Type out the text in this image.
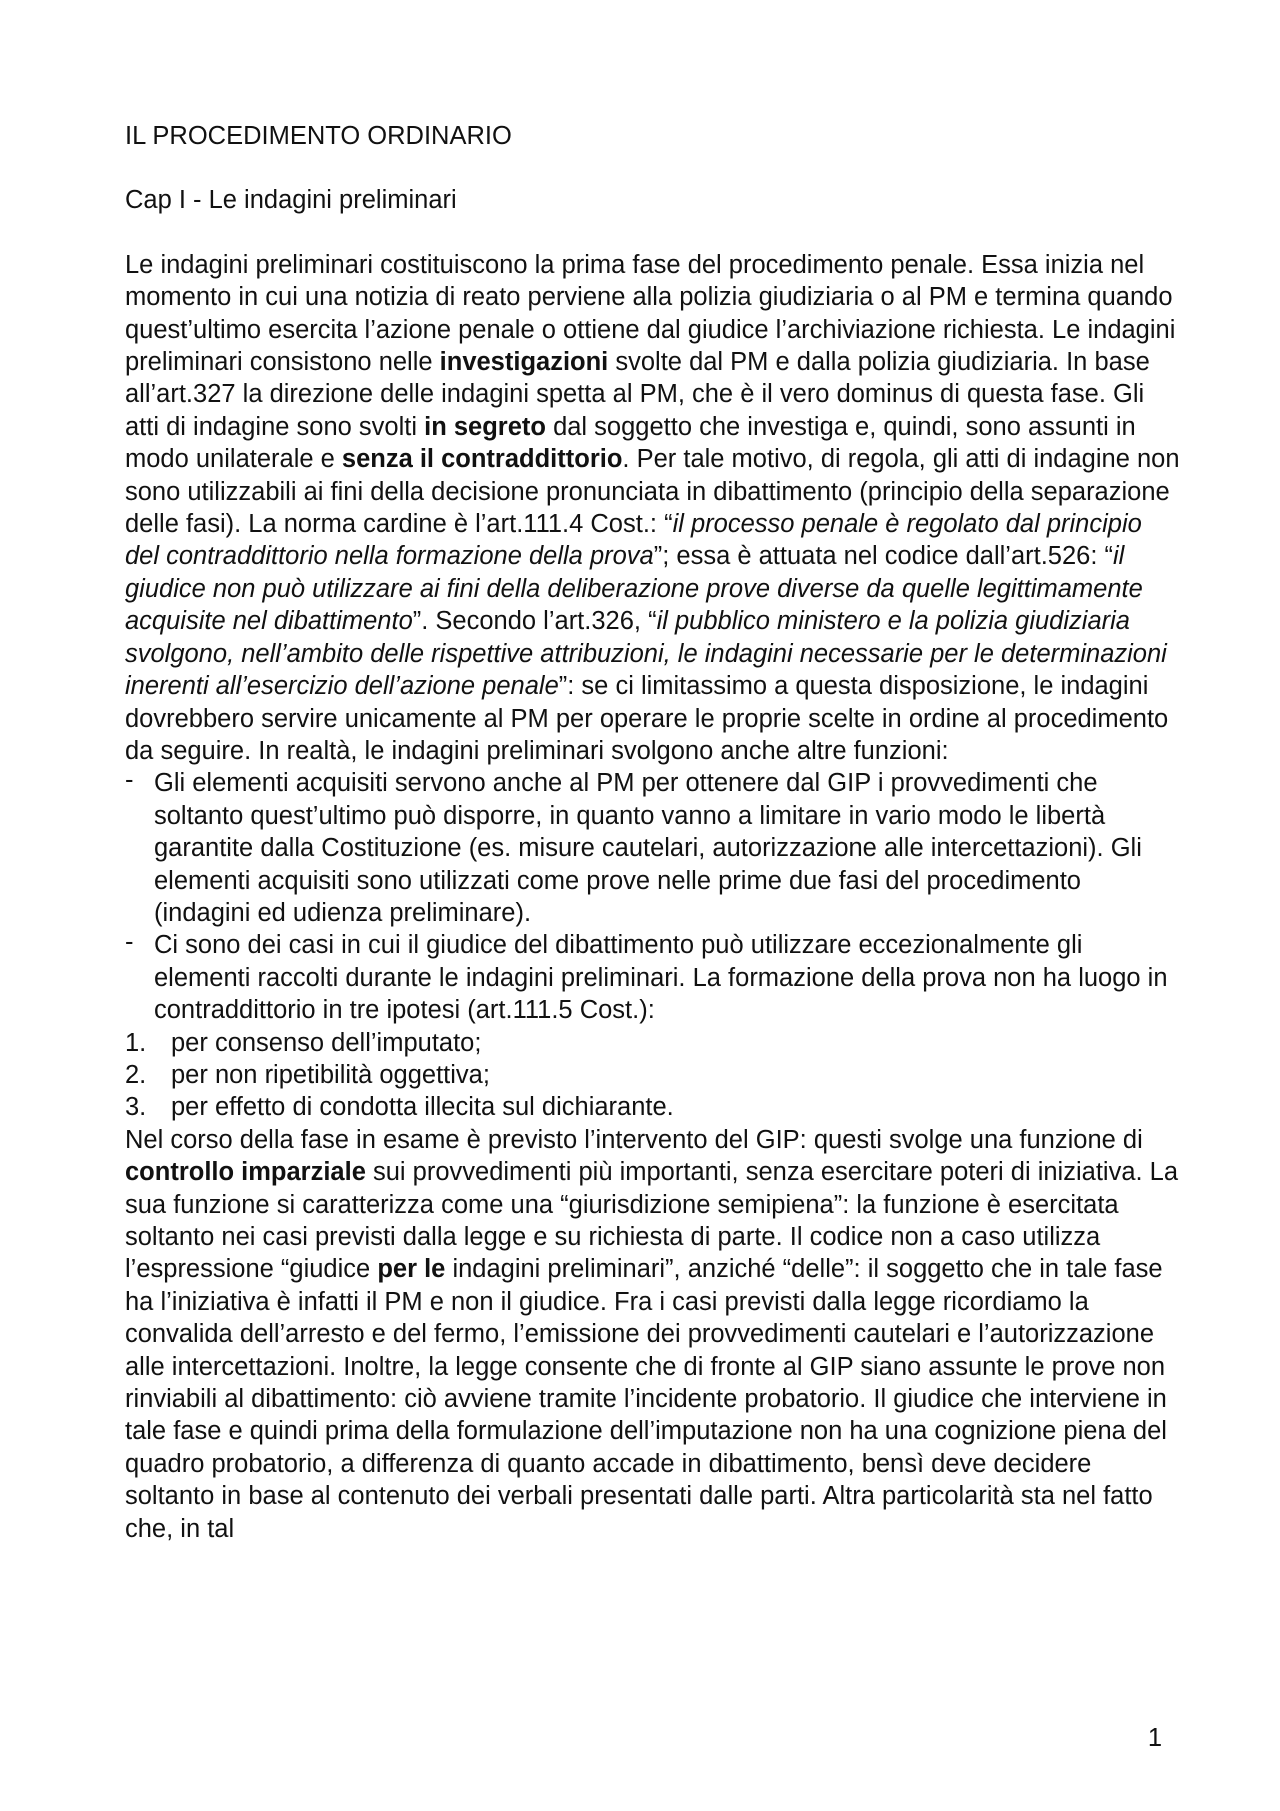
IL PROCEDIMENTO ORDINARIO
Cap I - Le indagini preliminari

Le indagini preliminari costituiscono la prima fase del procedimento penale. Essa inizia nel momento in cui una notizia di reato perviene alla polizia giudiziaria o al PM e termina quando quest’ultimo esercita l’azione penale o ottiene dal giudice l’archiviazione richiesta. Le indagini preliminari consistono nelle investigazioni svolte dal PM e dalla polizia giudiziaria. In base all’art.327 la direzione delle indagini spetta al PM, che è il vero dominus di questa fase. Gli atti di indagine sono svolti in segreto dal soggetto che investiga e, quindi, sono assunti in modo unilaterale e senza il contraddittorio. Per tale motivo, di regola, gli atti di indagine non sono utilizzabili ai fini della decisione pronunciata in dibattimento (principio della separazione delle fasi). La norma cardine è l’art.111.4 Cost.: “il processo penale è regolato dal principio del contraddittorio nella formazione della prova”; essa è attuata nel codice dall’art.526: “il giudice non può utilizzare ai fini della deliberazione prove diverse da quelle legittimamente acquisite nel dibattimento”. Secondo l’art.326, “il pubblico ministero e la polizia giudiziaria svolgono, nell’ambito delle rispettive attribuzioni, le indagini necessarie per le determinazioni inerenti all’esercizio dell’azione penale”: se ci limitassimo a questa disposizione, le indagini dovrebbero servire unicamente al PM per operare le proprie scelte in ordine al procedimento da seguire. In realtà, le indagini preliminari svolgono anche altre funzioni:

- Gli elementi acquisiti servono anche al PM per ottenere dal GIP i provvedimenti che soltanto quest’ultimo può disporre, in quanto vanno a limitare in vario modo le libertà garantite dalla Costituzione (es. misure cautelari, autorizzazione alle intercettazioni). Gli elementi acquisiti sono utilizzati come prove nelle prime due fasi del procedimento (indagini ed udienza preliminare).
- Ci sono dei casi in cui il giudice del dibattimento può utilizzare eccezionalmente gli elementi raccolti durante le indagini preliminari. La formazione della prova non ha luogo in contraddittorio in tre ipotesi (art.111.5 Cost.):
1. per consenso dell’imputato;
2. per non ripetibilità oggettiva;
3. per effetto di condotta illecita sul dichiarante.

Nel corso della fase in esame è previsto l’intervento del GIP: questi svolge una funzione di controllo imparziale sui provvedimenti più importanti, senza esercitare poteri di iniziativa. La sua funzione si caratterizza come una “giurisdizione semipiena”: la funzione è esercitata soltanto nei casi previsti dalla legge e su richiesta di parte. Il codice non a caso utilizza l’espressione “giudice per le indagini preliminari”, anziché “delle”: il soggetto che in tale fase ha l’iniziativa è infatti il PM e non il giudice. Fra i casi previsti dalla legge ricordiamo la convalida dell’arresto e del fermo, l’emissione dei provvedimenti cautelari e l’autorizzazione alle intercettazioni. Inoltre, la legge consente che di fronte al GIP siano assunte le prove non rinviabili al dibattimento: ciò avviene tramite l’incidente probatorio. Il giudice che interviene in tale fase e quindi prima della formulazione dell’imputazione non ha una cognizione piena del quadro probatorio, a differenza di quanto accade in dibattimento, bensì deve decidere soltanto in base al contenuto dei verbali presentati dalle parti. Altra particolarità sta nel fatto che, in tal

1
